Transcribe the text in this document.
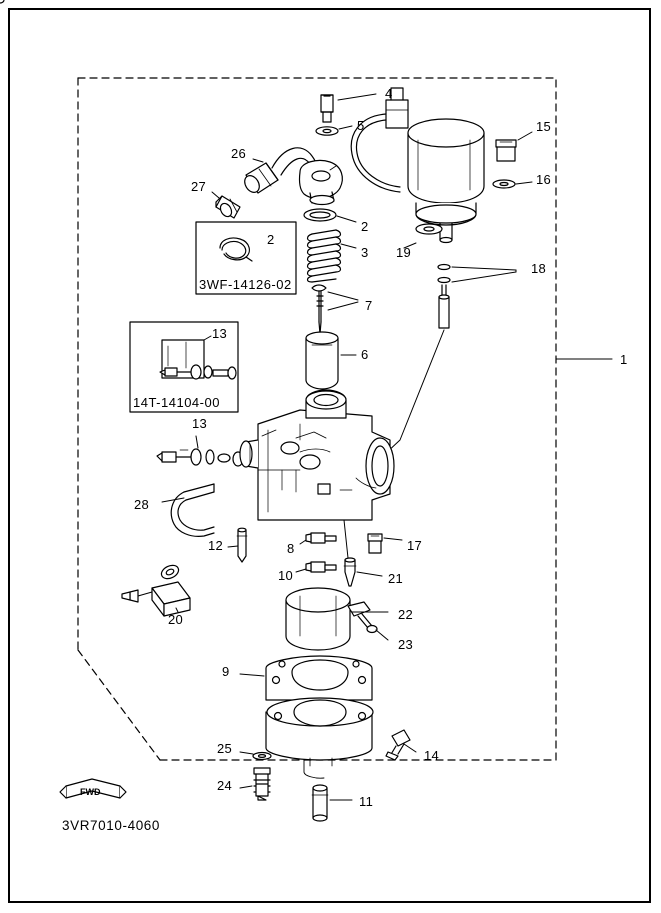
4
5	15
16
26
27
2
19
3
18
7
1
6
13
13
28
12	8	17
10	21
20	22
23
9
25	14
24
11
2
3WF-14126-02
14T-14104-00
FWD
3VR7010-4060
